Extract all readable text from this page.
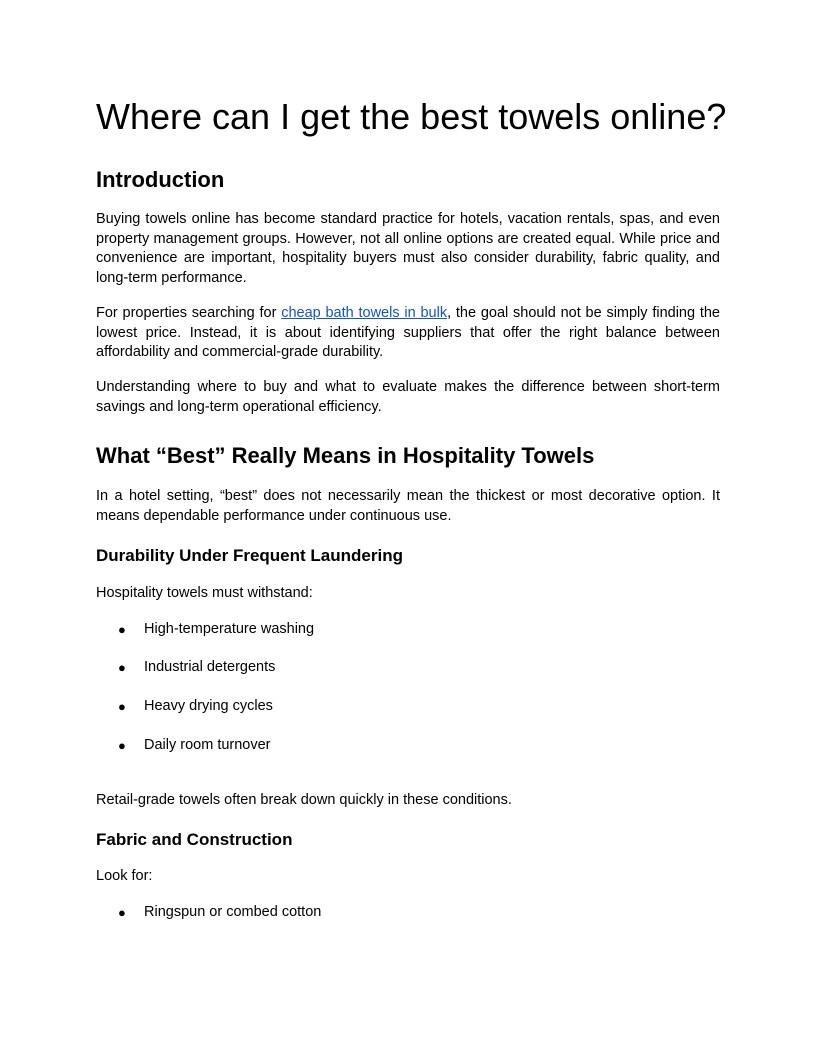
Where can I get the best towels online?
Introduction

Buying towels online has become standard practice for hotels, vacation rentals, spas, and even property management groups. However, not all online options are created equal. While price and convenience are important, hospitality buyers must also consider durability, fabric quality, and long-term performance.

For properties searching for cheap bath towels in bulk, the goal should not be simply finding the lowest price. Instead, it is about identifying suppliers that offer the right balance between affordability and commercial-grade durability.

Understanding where to buy and what to evaluate makes the difference between short-term savings and long-term operational efficiency.

What “Best” Really Means in Hospitality Towels

In a hotel setting, “best” does not necessarily mean the thickest or most decorative option. It means dependable performance under continuous use.

Durability Under Frequent Laundering

Hospitality towels must withstand:

● High-temperature washing
● Industrial detergents
● Heavy drying cycles
● Daily room turnover

Retail-grade towels often break down quickly in these conditions.

Fabric and Construction

Look for:

● Ringspun or combed cotton
